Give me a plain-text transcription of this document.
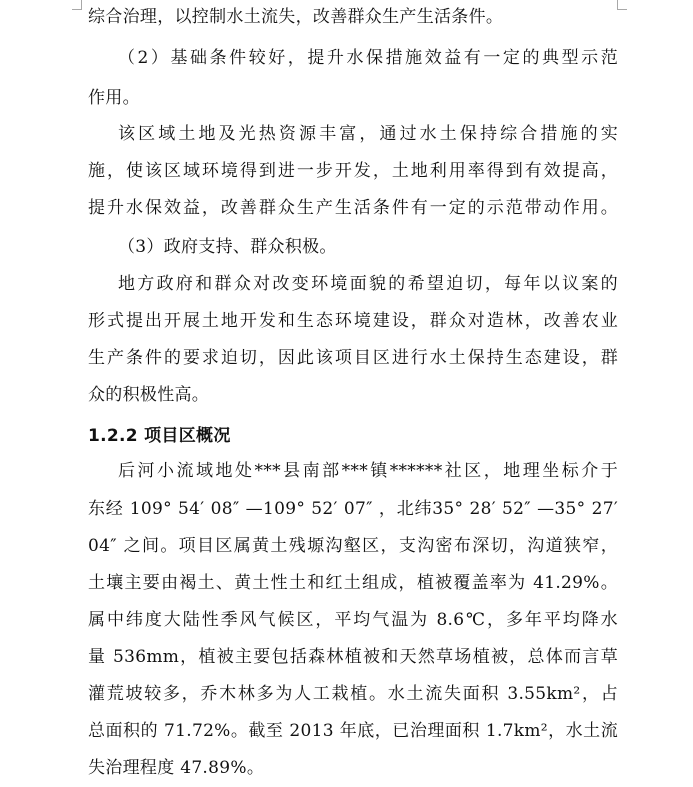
综合治理，以控制水土流失，改善群众生产生活条件。
（2）基础条件较好，提升水保措施效益有一定的典型示范
作用。
该区域土地及光热资源丰富，通过水土保持综合措施的实
施，使该区域环境得到进一步开发，土地利用率得到有效提高，
提升水保效益，改善群众生产生活条件有一定的示范带动作用。
（3）政府支持、群众积极。
地方政府和群众对改变环境面貌的希望迫切，每年以议案的
形式提出开展土地开发和生态环境建设，群众对造林，改善农业
生产条件的要求迫切，因此该项目区进行水土保持生态建设，群
众的积极性高。
1.2.2 项目区概况
后河小流域地处***县南部***镇******社区，地理坐标介于
东经 109° 54′ 08″ —109° 52′ 07″ ，北纬35° 28′ 52″ —35° 27′
04″ 之间。项目区属黄土残塬沟壑区，支沟密布深切，沟道狭窄，
土壤主要由褐土、黄土性土和红土组成，植被覆盖率为 41.29%。
属中纬度大陆性季风气候区，平均气温为 8.6℃，多年平均降水
量 536mm，植被主要包括森林植被和天然草场植被，总体而言草
灌荒坡较多，乔木林多为人工栽植。水土流失面积 3.55km²，占
总面积的 71.72%。截至 2013 年底，已治理面积 1.7km²，水土流
失治理程度 47.89%。
